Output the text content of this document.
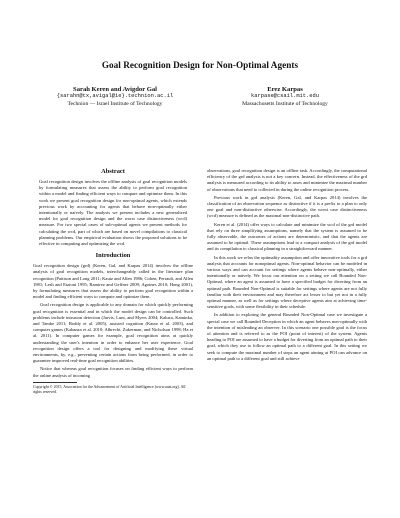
Goal Recognition Design for Non-Optimal Agents
Sarah Keren and Avigdor Gal
{sarahn@tx,avigal@ie}.technion.ac.il
Technion — Israel Institute of Technology
Erez Karpas
karpase@csail.mit.edu
Massachusetts Institute of Technology
Abstract

Goal recognition design involves the offline analysis of goal recognition models by formulating measures that assess the ability to perform goal recognition within a model and finding efficient ways to compare and optimize them. In this work we present goal recognition design for non-optimal agents, which extends previous work by accounting for agents that behave non-optimally either intentionally or naïvely. The analysis we present includes a new generalized model for goal recognition design and the worst case distinctiveness (wcd) measure. For two special cases of sub-optimal agents we present methods for calculating the wcd, part of which are based on novel compilations to classical planning problems. Our empirical evaluation shows the proposed solutions to be effective in computing and optimizing the wcd.

Introduction

Goal recognition design (grd) (Keren, Gal, and Karpas 2014) involves the offline analysis of goal recognition models, interchangeably called in the literature plan recognition (Pattison and Long 2011; Kautz and Allen 1986; Cohen, Perrault, and Allen 1981; Lesh and Etzioni 1995; Ramirez and Geffner 2009; Agotnes 2010; Hong 2001), by formulating measures that assess the ability to perform goal recognition within a model and finding efficient ways to compute and optimize them.

Goal recognition design is applicable to any domain for which quickly performing goal recognition is essential and in which the model design can be controlled. Such problems include intrusion detection (Jarvis, Lunt, and Myers 2004; Kaluza, Kaminka, and Tambe 2011; Boddy et al. 2005), assisted cognition (Kautz et al. 2003), and computer games (Kabanza et al. 2010; Albrecht, Zukerman, and Nicholson 1998; Ha et al. 2011). In computer games for example, goal recognition aims at quickly understanding the user's intention in order to enhance her user experience. Goal recognition design offers a tool for designing and modifying these virtual environments, by, e.g., preventing certain actions from being performed, in order to guarantee improved real-time goal recognition abilities.

Notice that whereas goal recognition focuses on finding efficient ways to perform the online analysis of incoming

Copyright © 2015, Association for the Advancement of Artificial Intelligence (www.aaai.org). All rights reserved.

observations, goal recognition design is an offline task. Accordingly, the computational efficiency of the grd analysis is not a key concern. Instead, the effectiveness of the grd analysis is measured according to its ability to asses and minimize the maximal number of observations that need to collected in during the online recognition process.

Previous work in grd analysis (Keren, Gal, and Karpas 2014) involves the classification of an observation sequence as distinctive if it is a prefix to a plan to only one goal and non-distinctive otherwise. Accordingly, the worst case distinctiveness (wcd) measure is defined as the maximal non-distinctive path.

Keren et al. (2014) offer ways to calculate and minimize the wcd of the grd model that rely on three simplifying assumptions, namely that the system is assumed to be fully observable, the outcomes of actions are deterministic, and that the agents are assumed to be optimal. These assumptions lead to a compact analysis of the grd model and its compilation to classical planning in a straightforward manner.

In this work we relax the optimality assumption and offer innovative tools for a grd analysis that accounts for nonoptimal agents. Non-optimal behavior can be modeled in various ways and can account for settings where agents behave non-optimally, either intentionally or naïvely. We focus our attention on a setting we call Bounded Non-Optimal, where an agent is assumed to have a specified budget for diverting from an optimal path. Bounded Non-Optimal is suitable for settings where agents are not fully familiar with their environment and may therefore act lesser to but yet not in a fully optimal manner, as well as for settings where deceptive agents aim at achieving time-sensitive goals, with some flexibility in their schedule.

In addition to exploring the general Bounded Non-Optimal case we investigate a special case we call Bounded Deception in which an agent behaves non-optimally with the intention of misleading an observer. In this scenario one possible goal is the focus of attention and is referred to as the POI (point of interest) of the system. Agents heading to POI are assumed to have a budget for diverting from an optimal path to their goal, which they use to follow an optimal path to a different goal. In this setting we seek to compute the maximal number of steps an agent aiming at POI can advance on an optimal path to a different goal and still achieve
